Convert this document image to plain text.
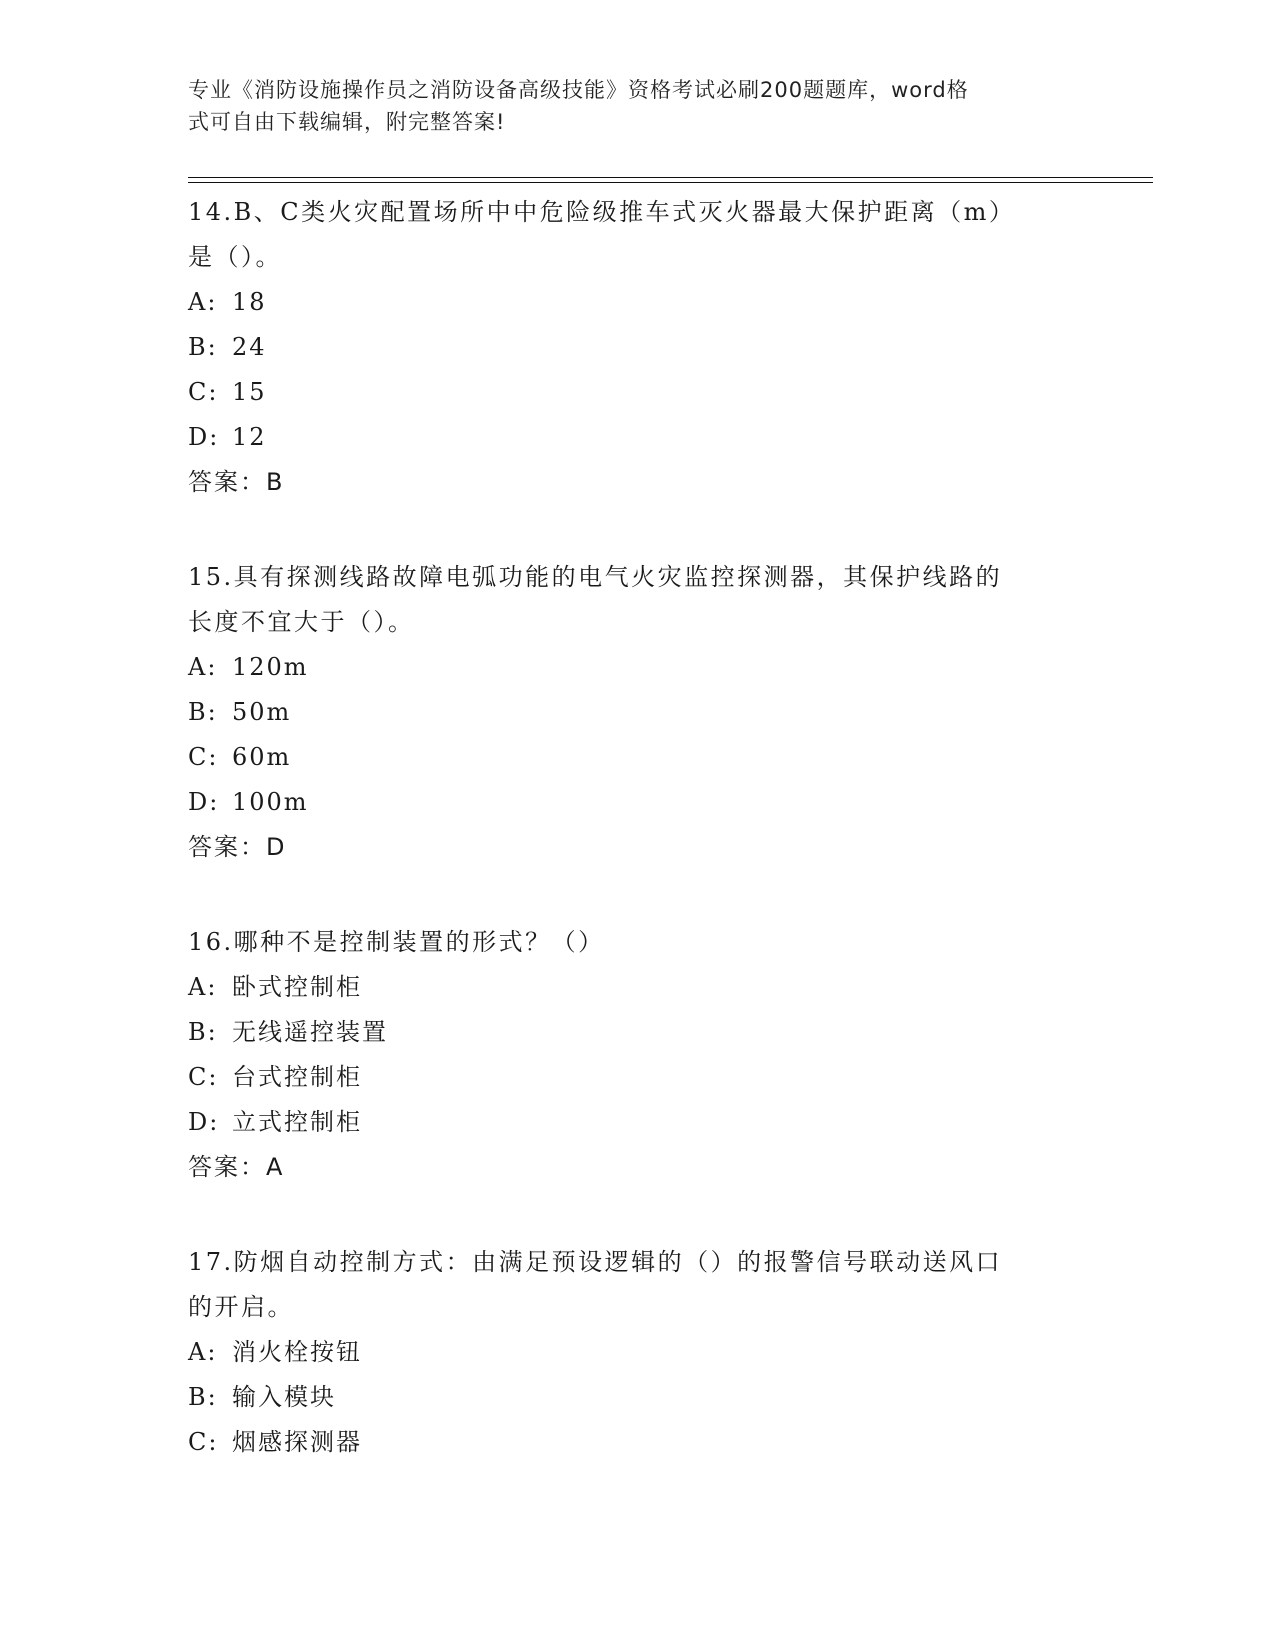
专业《消防设施操作员之消防设备高级技能》资格考试必刷200题题库，word格
式可自由下载编辑，附完整答案!
14.B、C类火灾配置场所中中危险级推车式灭火器最大保护距离（m）
是（）。
A: 18
B: 24
C: 15
D: 12
答案：B
15.具有探测线路故障电弧功能的电气火灾监控探测器，其保护线路的
长度不宜大于（）。
A: 120m
B: 50m
C: 60m
D: 100m
答案：D
16.哪种不是控制装置的形式？（）
A: 卧式控制柜
B: 无线遥控装置
C: 台式控制柜
D: 立式控制柜
答案：A
17.防烟自动控制方式：由满足预设逻辑的（）的报警信号联动送风口
的开启。
A: 消火栓按钮
B: 输入模块
C: 烟感探测器
